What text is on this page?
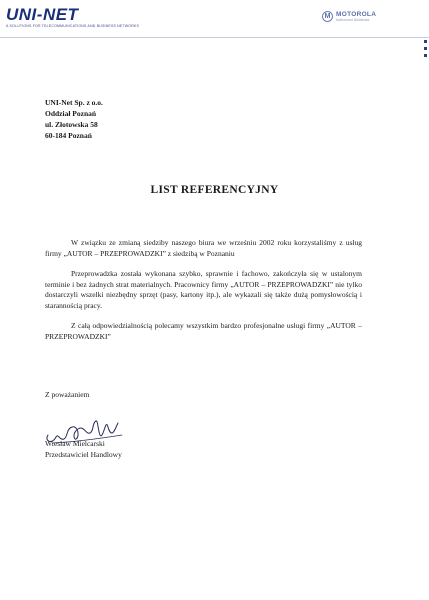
UNI-NET
A SOLUTIONS FOR TELECOMMUNICATIONS AND BUSINESS NETWORKS
M MOTOROLA
Authorized Distributor
UNI-Net Sp. z o.o.
Oddział Poznań
ul. Złotowska 58
60-184 Poznań
LIST REFERENCYJNY

W związku ze zmianą siedziby naszego biura we wrześniu 2002 roku korzystaliśmy z usług firmy „AUTOR – PRZEPROWADZKI” z siedzibą w Poznaniu

Przeprowadzka została wykonana szybko, sprawnie i fachowo, zakończyła się w ustalonym terminie i bez żadnych strat materialnych. Pracownicy firmy „AUTOR – PRZEPROWADZKI” nie tylko dostarczyli wszelki niezbędny sprzęt (pasy, kartony itp.), ale wykazali się także dużą pomysłowością i starannością pracy.

Z całą odpowiedzialnością polecamy wszystkim bardzo profesjonalne usługi firmy „AUTOR – PRZEPROWADZKI”

Z poważaniem
Wiesław Mielcarski
Przedstawiciel Handlowy
